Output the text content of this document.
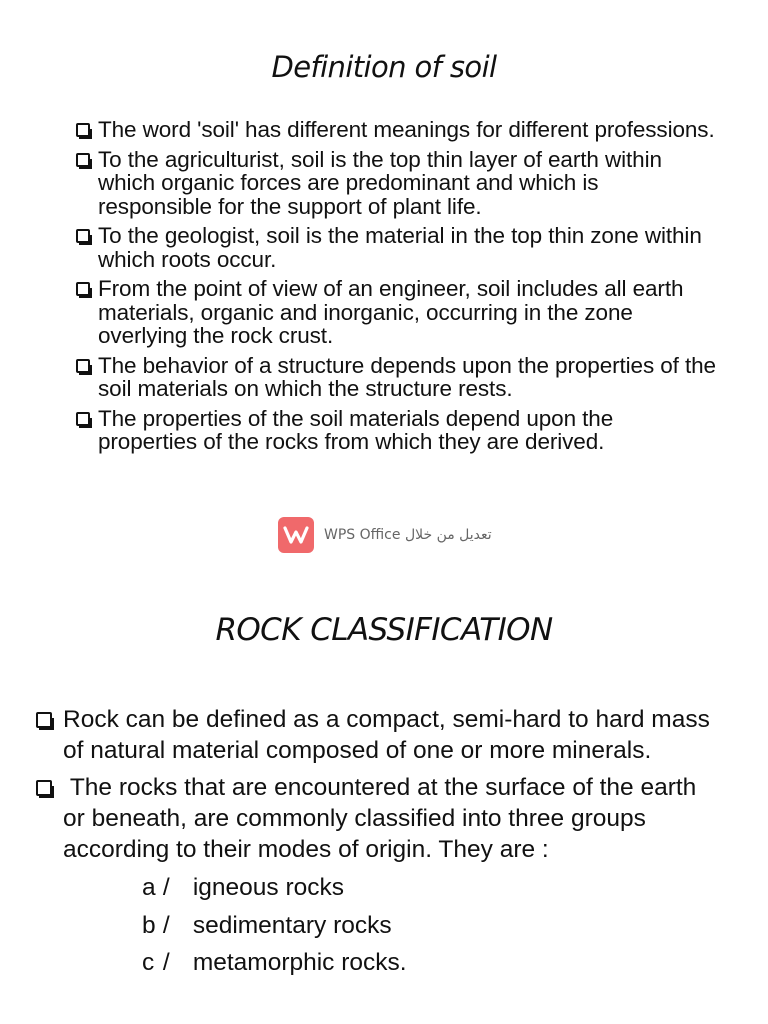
Definition of soil
The word 'soil' has different meanings for different professions.
To the agriculturist, soil is the top thin layer of earth within which organic forces are predominant and which is responsible for the support of plant life.
To the geologist, soil is the material in the top thin zone within which roots occur.
From the point of view of an engineer, soil includes all earth materials, organic and inorganic, occurring in the zone overlying the rock crust.
The behavior of a structure depends upon the properties of the soil materials on which the structure rests.
The properties of the soil materials depend upon the properties of the rocks from which they are derived.
WPS Office تعديل من خلال
ROCK CLASSIFICATION
Rock can be defined as a compact, semi-hard to hard mass of natural material composed of one or more minerals.
The rocks that are encountered at the surface of the earth or beneath, are commonly classified into three groups according to their modes of origin. They are :
a / igneous rocks
b / sedimentary rocks
c / metamorphic rocks.
